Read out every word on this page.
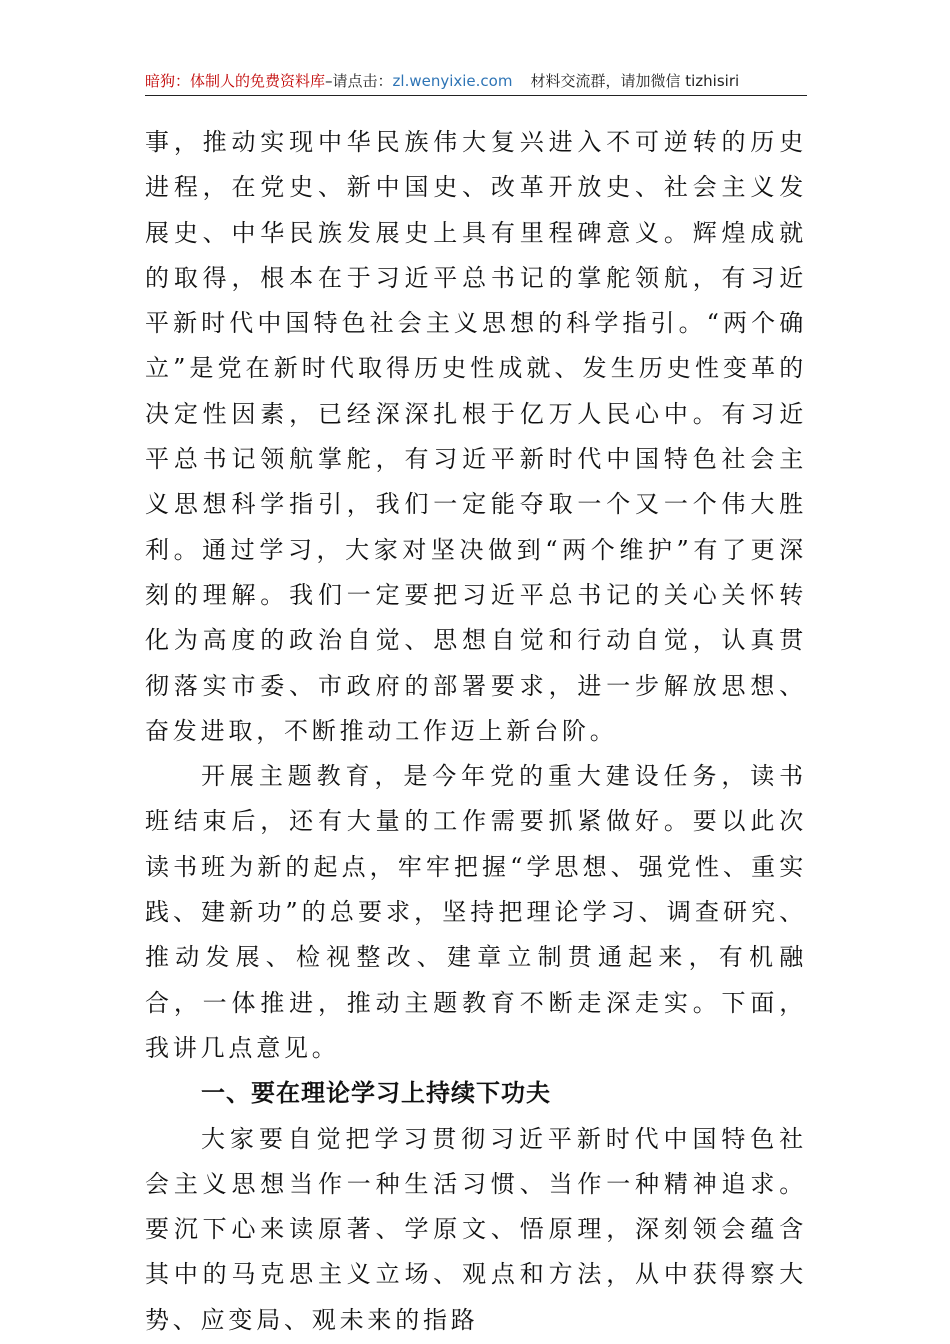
暗狗：体制人的免费资料库–请点击：zl.wenyixie.com 材料交流群，请加微信 tizhisiri

事，推动实现中华民族伟大复兴进入不可逆转的历史进程，在党史、新中国史、改革开放史、社会主义发展史、中华民族发展史上具有里程碑意义。辉煌成就的取得，根本在于习近平总书记的掌舵领航，有习近平新时代中国特色社会主义思想的科学指引。“两个确立”是党在新时代取得历史性成就、发生历史性变革的决定性因素，已经深深扎根于亿万人民心中。有习近平总书记领航掌舵，有习近平新时代中国特色社会主义思想科学指引，我们一定能夺取一个又一个伟大胜利。通过学习，大家对坚决做到“两个维护”有了更深刻的理解。我们一定要把习近平总书记的关心关怀转化为高度的政治自觉、思想自觉和行动自觉，认真贯彻落实市委、市政府的部署要求，进一步解放思想、奋发进取，不断推动工作迈上新台阶。

开展主题教育，是今年党的重大建设任务，读书班结束后，还有大量的工作需要抓紧做好。要以此次读书班为新的起点，牢牢把握“学思想、强党性、重实践、建新功”的总要求，坚持把理论学习、调查研究、推动发展、检视整改、建章立制贯通起来，有机融合，一体推进，推动主题教育不断走深走实。下面，我讲几点意见。

一、要在理论学习上持续下功夫

大家要自觉把学习贯彻习近平新时代中国特色社会主义思想当作一种生活习惯、当作一种精神追求。要沉下心来读原著、学原文、悟原理，深刻领会蕴含其中的马克思主义立场、观点和方法，从中获得察大势、应变局、观未来的指路
